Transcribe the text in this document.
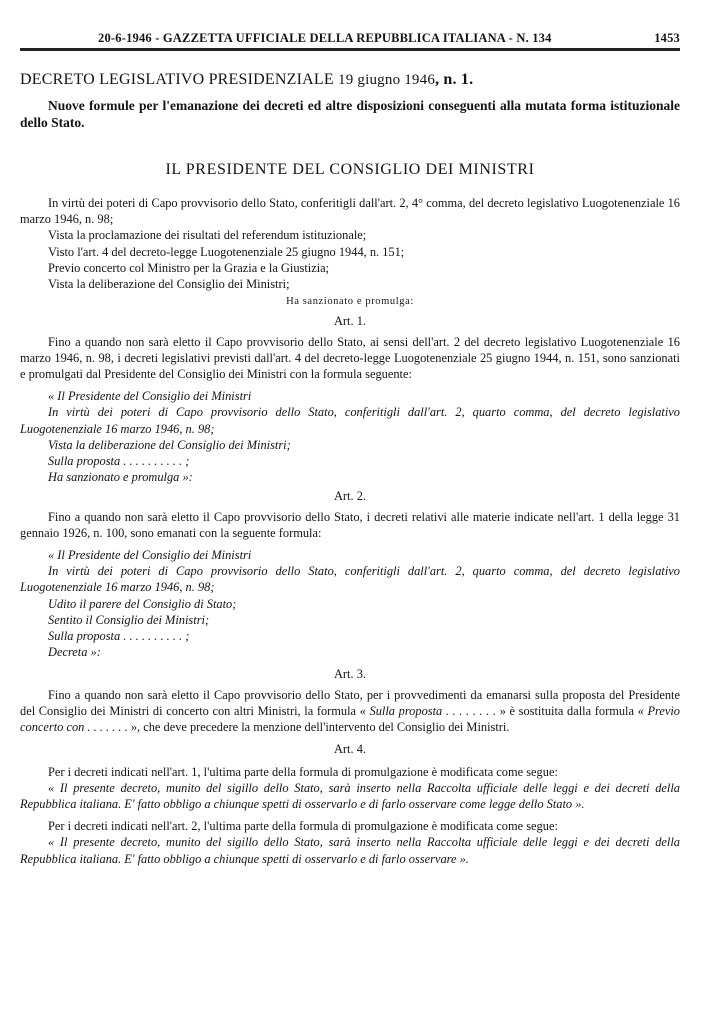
20-6-1946 - GAZZETTA UFFICIALE DELLA REPUBBLICA ITALIANA - N. 134	1453
DECRETO LEGISLATIVO PRESIDENZIALE 19 giugno 1946, n. 1.

Nuove formule per l'emanazione dei decreti ed altre disposizioni conseguenti alla mutata forma istituzionale dello Stato.

IL PRESIDENTE DEL CONSIGLIO DEI MINISTRI

In virtù dei poteri di Capo provvisorio dello Stato, conferitigli dall'art. 2, 4° comma, del decreto legislativo Luogotenenziale 16 marzo 1946, n. 98;

Vista la proclamazione dei risultati del referendum istituzionale;

Visto l'art. 4 del decreto-legge Luogotenenziale 25 giugno 1944, n. 151;

Previo concerto col Ministro per la Grazia e la Giustizia;

Vista la deliberazione del Consiglio dei Ministri;

Ha sanzionato e promulga:
Art. 1.

Fino a quando non sarà eletto il Capo provvisorio dello Stato, ai sensi dell'art. 2 del decreto legislativo Luogotenenziale 16 marzo 1946, n. 98, i decreti legislativi previsti dall'art. 4 del decreto-legge Luogotenenziale 25 giugno 1944, n. 151, sono sanzionati e promulgati dal Presidente del Consiglio dei Ministri con la formula seguente:

« Il Presidente del Consiglio dei Ministri

In virtù dei poteri di Capo provvisorio dello Stato, conferitigli dall'art. 2, quarto comma, del decreto legislativo Luogotenenziale 16 marzo 1946, n. 98;

Vista la deliberazione del Consiglio dei Ministri;

Sulla proposta . . . . . . . . . . ;

Ha sanzionato e promulga »:

Art. 2.

Fino a quando non sarà eletto il Capo provvisorio dello Stato, i decreti relativi alle materie indicate nell'art. 1 della legge 31 gennaio 1926, n. 100, sono emanati con la seguente formula:

« Il Presidente del Consiglio dei Ministri

In virtù dei poteri di Capo provvisorio dello Stato, conferitigli dall'art. 2, quarto comma, del decreto legislativo Luogotenenziale 16 marzo 1946, n. 98;

Udito il parere del Consiglio di Stato;

Sentito il Consiglio dei Ministri;

Sulla proposta . . . . . . . . . . ;

Decreta »:

Art. 3.

Fino a quando non sarà eletto il Capo provvisorio dello Stato, per i provvedimenti da emanarsi sulla proposta del Presidente del Consiglio dei Ministri di concerto con altri Ministri, la formula « Sulla proposta . . . . . . . . » è sostituita dalla formula « Previo concerto con . . . . . . . », che deve precedere la menzione dell'intervento del Consiglio dei Ministri.

Art. 4.

Per i decreti indicati nell'art. 1, l'ultima parte della formula di promulgazione è modificata come segue:

« Il presente decreto, munito del sigillo dello Stato, sarà inserto nella Raccolta ufficiale delle leggi e dei decreti della Repubblica italiana. E' fatto obbligo a chiunque spetti di osservarlo e di farlo osservare come legge dello Stato ».

Per i decreti indicati nell'art. 2, l'ultima parte della formula di promulgazione è modificata come segue:

« Il presente decreto, munito del sigillo dello Stato, sarà inserto nella Raccolta ufficiale delle leggi e dei decreti della Repubblica italiana. E' fatto obbligo a chiunque spetti di osservarlo e di farlo osservare ».
